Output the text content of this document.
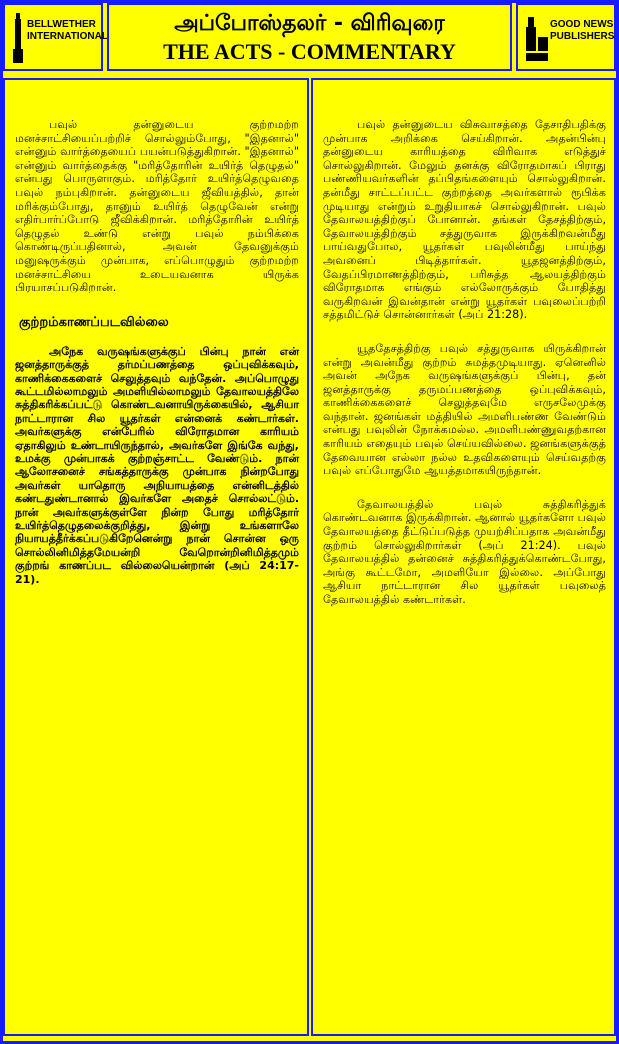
BELLWETHER
INTERNATIONAL
அப்போஸ்தலர் - விரிவுரை
THE ACTS - COMMENTARY
GOOD NEWS
PUBLISHERS

பவுல் தன்னுடைய குற்றமற்ற மனச்சாட்சியைப்பற்றிச் சொல்லும்போது, "இதனால்" என்னும் வார்த்தையைப் பயன்படுத்துகிறான். "இதனால்" என்னும் வார்த்தைக்கு "மரித்தோரின் உயிர்த் தெழுதல்" என்பது பொருளாகும். மரித்தோர் உயிர்த்தெழுவதை பவுல் நம்புகிறான். தன்னுடைய ஜீவியத்தில், தான் மரிக்கும்போது, தானும் உயிர்த் தெழுவேன் என்று எதிர்பார்ப்போடு ஜீவிக்கிறான். மரித்தோரின் உயிர்த் தெழுதல் உண்டு என்று பவுல் நம்பிக்கை கொண்டிருப்பதினால், அவன் தேவனுக்கும் மனுஷருக்கும் முன்பாக, எப்பொழுதும் குற்றமற்ற மனச்சாட்சியை உடையவனாக யிருக்க பிரயாசப்படுகிறான்.

குற்றம்காணப்படவில்லை

அநேக வருஷங்களுக்குப் பின்பு நான் என் ஜனத்தாருக்குத் தர்மப்பணத்தை ஒப்புவிக்கவும், காணிக்கைகளைச் செலுத்தவும் வந்தேன். அப்பொழுது கூட்டமில்லாமலும் அமளியில்லாமலும் தேவாலயத்திலே சுத்திகரிக்கப்பட்டு கொண்டவனாயிருக்கையில், ஆசியா நாட்டாரான சில யூதர்கள் என்னைக் கண்டார்கள். அவர்களுக்கு என்பேரில் விரோதமான காரியம் ஏதாகிலும் உண்டாயிருந்தால், அவர்களே இங்கே வந்து, உமக்கு முன்பாகக் குற்றஞ்சாட்ட வேண்டும். நான் ஆலோசனைச் சங்கத்தாருக்கு முன்பாக நின்றபோது அவர்கள் யாதொரு அநியாயத்தை என்னிடத்தில் கண்டதுண்டானால் இவர்களே அதைச் சொல்லட்டும். நான் அவர்களுக்குள்ளே நின்ற போது மரித்தோர் உயிர்த்தெழுதலைக்குறித்து, இன்று உங்களாலே நியாயத்தீர்க்கப்படுகிறேனென்று நான் சொன்ன ஒரு சொல்லினிமித்தமேயன்றி வேறொன்றினிமித்தமும் குற்றங் காணப்பட வில்லையென்றான் (அப் 24:17-21).

பவுல் தன்னுடைய விசுவாசத்தை தேசாதிபதிக்கு முன்பாக அறிக்கை செய்கிறான். அதன்பின்பு தன்னுடைய காரியத்தை விரிவாக எடுத்துச் சொல்லுகிறான். மேலும் தனக்கு விரோதமாகப் பிராது பண்ணியவர்களின் தப்பிதங்களையும் சொல்லுகிறான். தன்மீது சாட்டப்பட்ட குற்றத்தை அவர்களால் ரூபிக்க முடியாது என்றும் உறுதியாகச் சொல்லுகிறான். பவுல் தேவாலயத்திற்குப் போனான். தங்கள் தேசத்திற்கும், தேவாலயத்திற்கும் சத்துருவாக இருக்கிறவன்மீது பாய்வதுபோல, யூதர்கள் பவுலின்மீது பாய்ந்து அவனைப் பிடித்தார்கள். யூதஜனத்திற்கும், வேதப்பிரமாணத்திற்கும், பரிசுத்த ஆலயத்திற்கும் விரோதமாக எங்கும் எல்லோருக்கும் போதித்து வருகிறவன் இவன்தான் என்று யூதர்கள் பவுலைப்பற்றி சத்தமிட்டுச் சொன்னார்கள் (அப் 21:28).

யூததேசத்திற்கு பவுல் சத்துருவாக யிருக்கிறான் என்று அவன்மீது குற்றம் சுமத்தமுடியாது. ஏனெனில் அவன் அநேக வருஷங்களுக்குப் பின்பு, தன் ஜனத்தாருக்கு தருமப்பணத்தை ஒப்புவிக்கவும், காணிக்கைகளைச் செலுத்தவுமே எருசலேமுக்கு வந்தான். ஜனங்கள் மத்தியில் அமளிபண்ண வேண்டும் என்பது பவுலின் நோக்கமல்ல. அமளிபண்ணுவதற்கான காரியம் எதையும் பவுல் செய்யவில்லை. ஜனங்களுக்குத் தேவையான எல்லா நல்ல உதவிகளையும் செய்வதற்கு பவுல் எப்போதுமே ஆயத்தமாகயிருந்தான்.

தேவாலயத்தில் பவுல் சுத்திகரித்துக் கொண்டவனாக இருக்கிறான். ஆனால் யூதர்களோ பவுல் தேவாலயத்தை தீட்டுப்படுத்த முயற்சிப்பதாக அவன்மீது குற்றம் சொல்லுகிறார்கள் (அப் 21:24). பவுல் தேவாலயத்தில் தன்னைச் சுத்திகரித்துக்கொண்டபோது, அங்கு கூட்டமோ, அமளியோ இல்லை. அப்போது ஆசியா நாட்டாரான சில யூதர்கள் பவுலைத் தேவாலயத்தில் கண்டார்கள்.
